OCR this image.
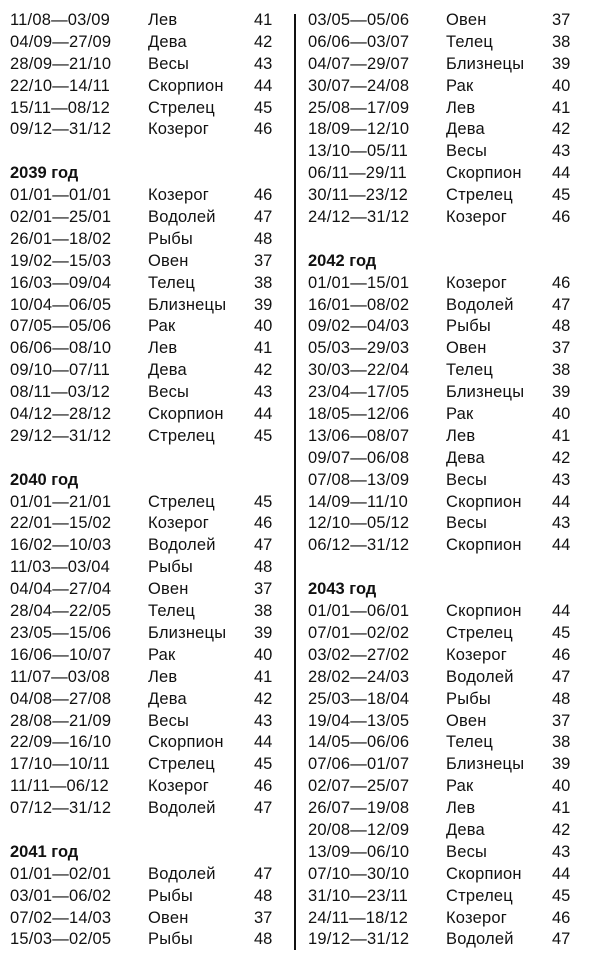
11/08—03/09 Лев	41
04/09—27/09 Дева	42
28/09—21/10 Весы	43
22/10—14/11 Скорпион 44
15/11—08/12 Стрелец 45
09/12—31/12 Козерог	46
2039 год
01/01—01/01 Козерог	46
02/01—25/01 Водолей 47
26/01—18/02 Рыбы	48
19/02—15/03 Овен	37
16/03—09/04 Телец	38
10/04—06/05 Близнецы 39
07/05—05/06 Рак	40
06/06—08/10 Лев	41
09/10—07/11 Дева	42
08/11—03/12 Весы	43
04/12—28/12 Скорпион 44
29/12—31/12 Стрелец 45
2040 год
01/01—21/01 Стрелец 45
22/01—15/02 Козерог	46
16/02—10/03 Водолей 47
11/03—03/04 Рыбы	48
04/04—27/04 Овен	37
28/04—22/05 Телец	38
23/05—15/06 Близнецы 39
16/06—10/07 Рак	40
11/07—03/08 Лев	41
04/08—27/08 Дева	42
28/08—21/09 Весы	43
22/09—16/10 Скорпион 44
17/10—10/11 Стрелец 45
11/11—06/12 Козерог	46
07/12—31/12 Водолей 47
2041 год
01/01—02/01 Водолей 47
03/01—06/02 Рыбы	48
07/02—14/03 Овен	37
15/03—02/05 Рыбы	48
03/05—05/06 Овен	37
06/06—03/07 Телец	38
04/07—29/07 Близнецы 39
30/07—24/08 Рак	40
25/08—17/09 Лев	41
18/09—12/10 Дева	42
13/10—05/11 Весы	43
06/11—29/11 Скорпион 44
30/11—23/12 Стрелец 45
24/12—31/12 Козерог	46
2042 год
01/01—15/01 Козерог	46
16/01—08/02 Водолей 47
09/02—04/03 Рыбы	48
05/03—29/03 Овен	37
30/03—22/04 Телец	38
23/04—17/05 Близнецы 39
18/05—12/06 Рак	40
13/06—08/07 Лев	41
09/07—06/08 Дева	42
07/08—13/09 Весы	43
14/09—11/10 Скорпион 44
12/10—05/12 Весы	43
06/12—31/12 Скорпион 44
2043 год
01/01—06/01 Скорпион 44
07/01—02/02 Стрелец 45
03/02—27/02 Козерог	46
28/02—24/03 Водолей 47
25/03—18/04 Рыбы	48
19/04—13/05 Овен	37
14/05—06/06 Телец	38
07/06—01/07 Близнецы 39
02/07—25/07 Рак	40
26/07—19/08 Лев	41
20/08—12/09 Дева	42
13/09—06/10 Весы	43
07/10—30/10 Скорпион 44
31/10—23/11 Стрелец 45
24/11—18/12 Козерог	46
19/12—31/12 Водолей 47
